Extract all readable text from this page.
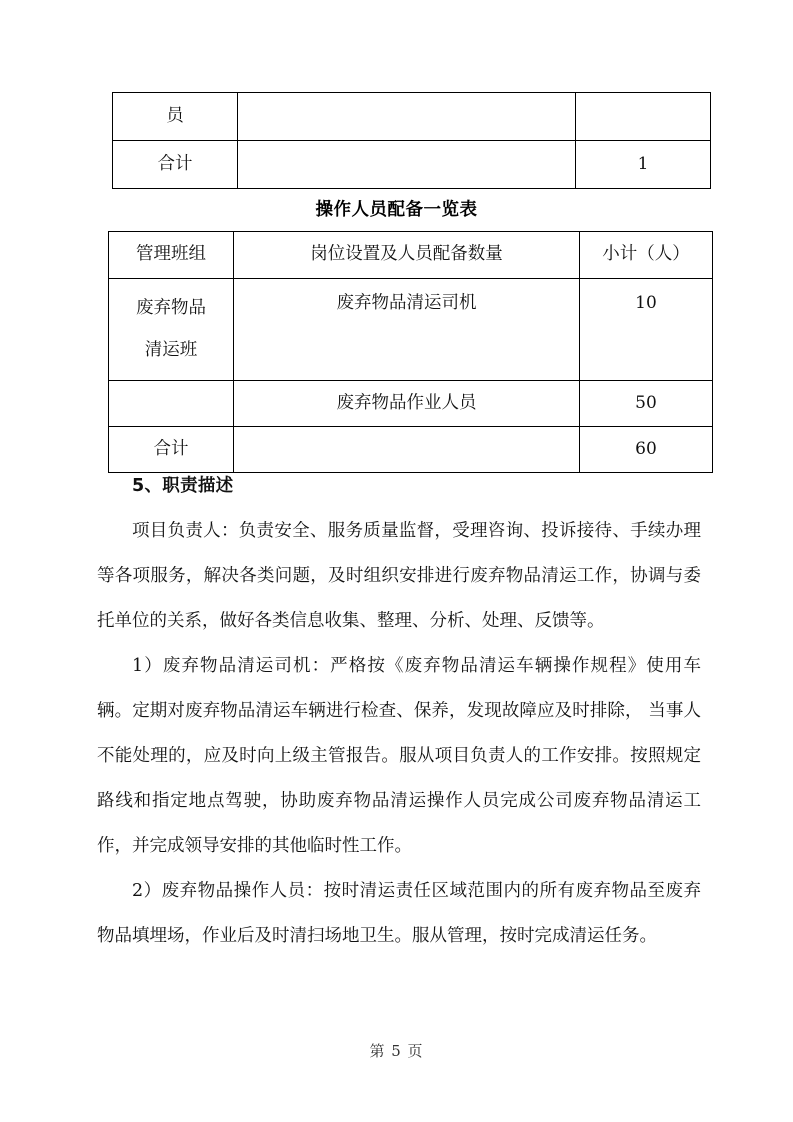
员		
合计		1
操作人员配备一览表
管理班组	岗位设置及人员配备数量	小计（人）

废弃物品
清运班	废弃物品清运司机	10
	废弃物品作业人员	50
合计		60

5、职责描述

项目负责人：负责安全、服务质量监督，受理咨询、投诉接待、手续办理等各项服务，解决各类问题，及时组织安排进行废弃物品清运工作，协调与委托单位的关系，做好各类信息收集、整理、分析、处理、反馈等。

1）废弃物品清运司机：严格按《废弃物品清运车辆操作规程》使用车辆。定期对废弃物品清运车辆进行检查、保养，发现故障应及时排除， 当事人不能处理的，应及时向上级主管报告。服从项目负责人的工作安排。按照规定路线和指定地点驾驶，协助废弃物品清运操作人员完成公司废弃物品清运工作，并完成领导安排的其他临时性工作。

2）废弃物品操作人员：按时清运责任区域范围内的所有废弃物品至废弃物品填埋场，作业后及时清扫场地卫生。服从管理，按时完成清运任务。

第 5 页
